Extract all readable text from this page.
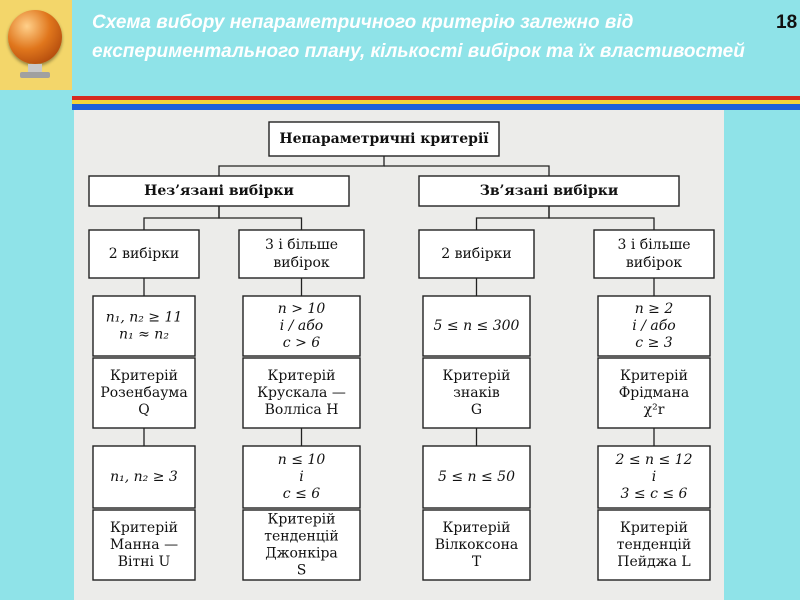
Схема вибору непараметричного критерію залежно від експериментального плану, кількості вибірок та їх властивостей
18
Непараметричні критерії
Нез’язані вибірки
2 вибірки
n₁, n₂ ≥ 11
n₁ ≈ n₂
Критерій
Розенбаума
Q
n₁, n₂ ≥ 3
Критерій
Манна —
Вітні U
3 і більше
вибірок
n > 10
і / або
c > 6
Критерій
Крускала —
Волліса H
n ≤ 10
і
c ≤ 6
Критерій
тенденцій
Джонкіра
S
Зв’язані вибірки
2 вибірки
5 ≤ n ≤ 300
Критерій
знаків
G
5 ≤ n ≤ 50
Критерій
Вілкоксона
T
3 і більше
вибірок
n ≥ 2
і / або
c ≥ 3
Критерій
Фрідмана
χ²r
2 ≤ n ≤ 12
і
3 ≤ c ≤ 6
Критерій
тенденцій
Пейджа L
